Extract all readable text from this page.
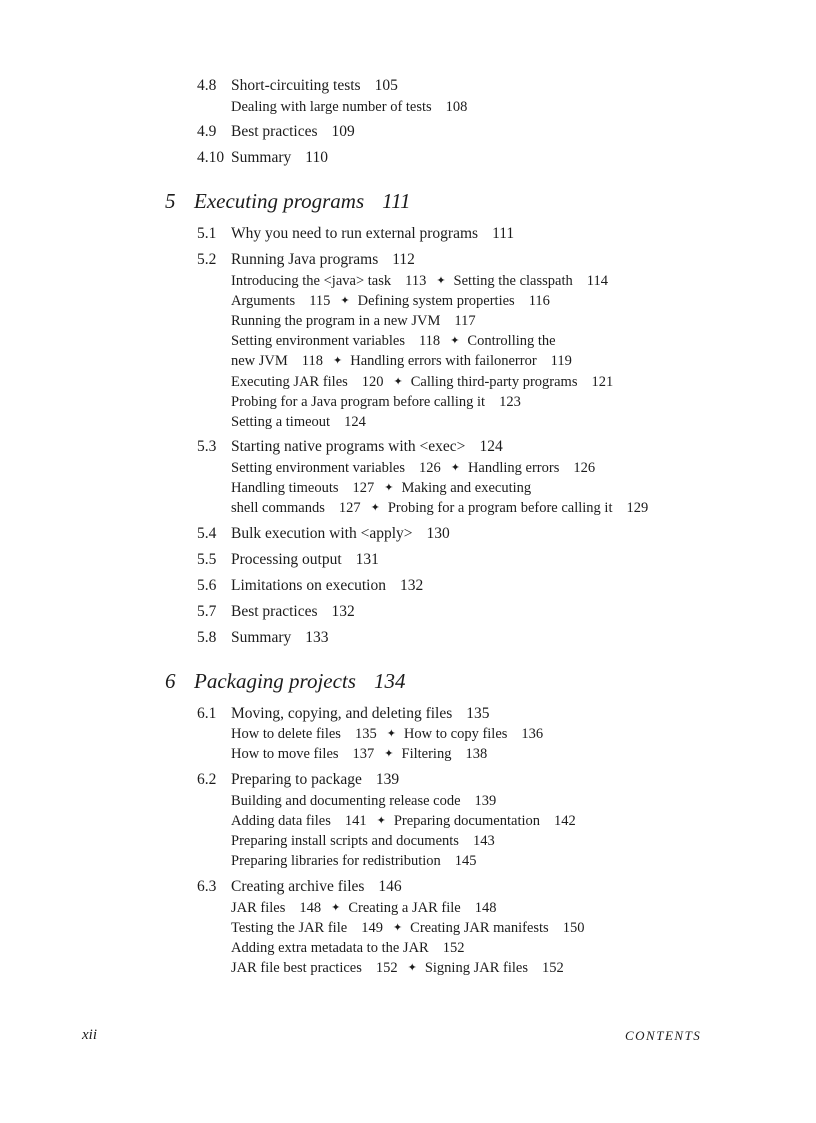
4.8 Short-circuiting tests 105
Dealing with large number of tests 108
4.9 Best practices 109
4.10 Summary 110
5 Executing programs 111
5.1 Why you need to run external programs 111
5.2 Running Java programs 112
Introducing the <java> task 113 ✦ Setting the classpath 114
Arguments 115 ✦ Defining system properties 116
Running the program in a new JVM 117
Setting environment variables 118 ✦ Controlling the
new JVM 118 ✦ Handling errors with failonerror 119
Executing JAR files 120 ✦ Calling third-party programs 121
Probing for a Java program before calling it 123
Setting a timeout 124
5.3 Starting native programs with <exec> 124
Setting environment variables 126 ✦ Handling errors 126
Handling timeouts 127 ✦ Making and executing
shell commands 127 ✦ Probing for a program before calling it 129
5.4 Bulk execution with <apply> 130
5.5 Processing output 131
5.6 Limitations on execution 132
5.7 Best practices 132
5.8 Summary 133
6 Packaging projects 134
6.1 Moving, copying, and deleting files 135
How to delete files 135 ✦ How to copy files 136
How to move files 137 ✦ Filtering 138
6.2 Preparing to package 139
Building and documenting release code 139
Adding data files 141 ✦ Preparing documentation 142
Preparing install scripts and documents 143
Preparing libraries for redistribution 145
6.3 Creating archive files 146
JAR files 148 ✦ Creating a JAR file 148
Testing the JAR file 149 ✦ Creating JAR manifests 150
Adding extra metadata to the JAR 152
JAR file best practices 152 ✦ Signing JAR files 152
xii	CONTENTS
